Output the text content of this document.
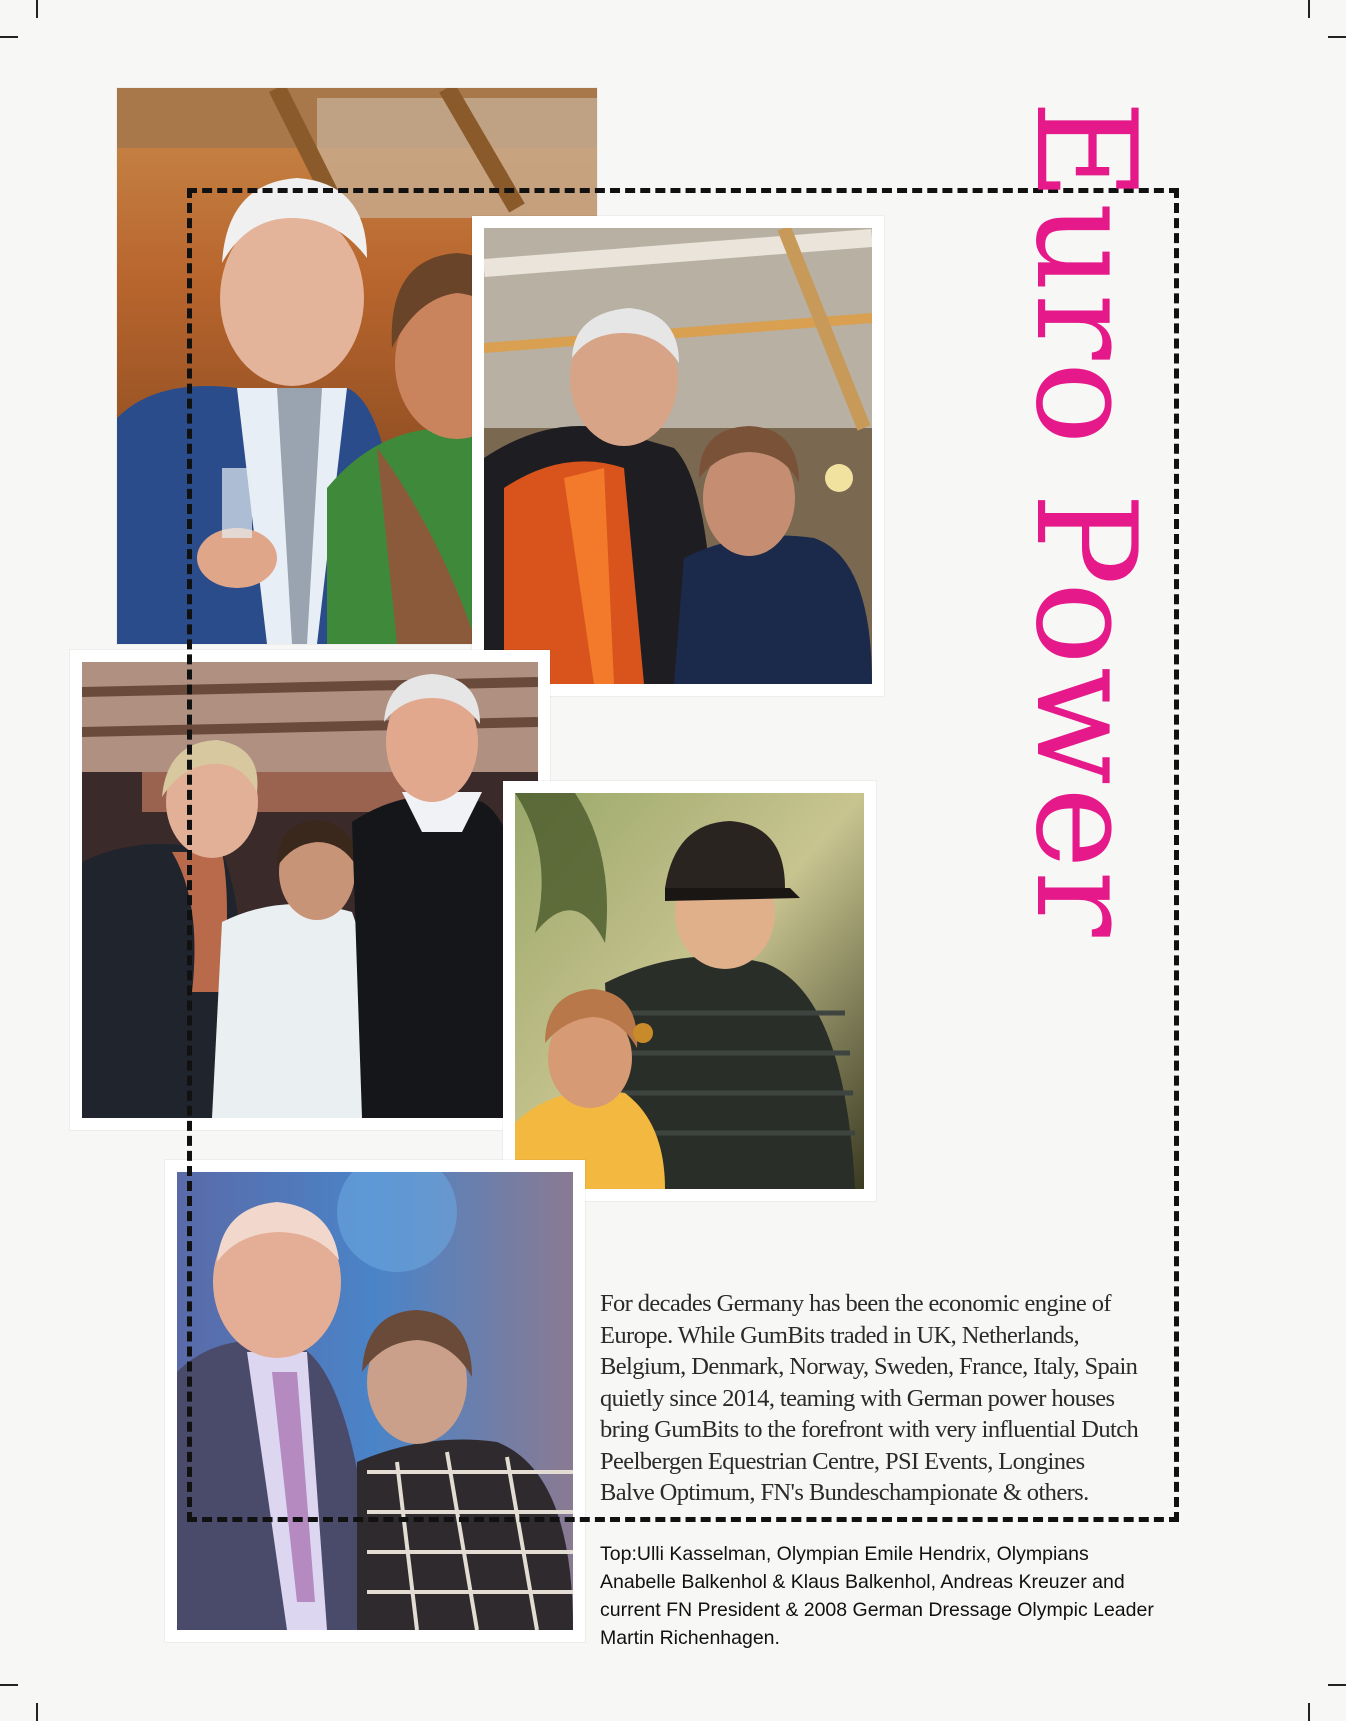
Euro Power
For decades Germany has been the economic engine of Europe. While GumBits traded in UK, Netherlands, Belgium, Denmark, Norway, Sweden, France, Italy, Spain quietly since 2014, teaming with German power houses bring GumBits to the forefront with very influential Dutch Peelbergen Equestrian Centre, PSI Events, Longines Balve Optimum, FN's Bundeschampionate & others.
Top:Ulli Kasselman, Olympian Emile Hendrix, Olympians Anabelle Balkenhol & Klaus Balkenhol, Andreas Kreuzer and current FN President & 2008 German Dressage Olympic Leader Martin Richenhagen.
